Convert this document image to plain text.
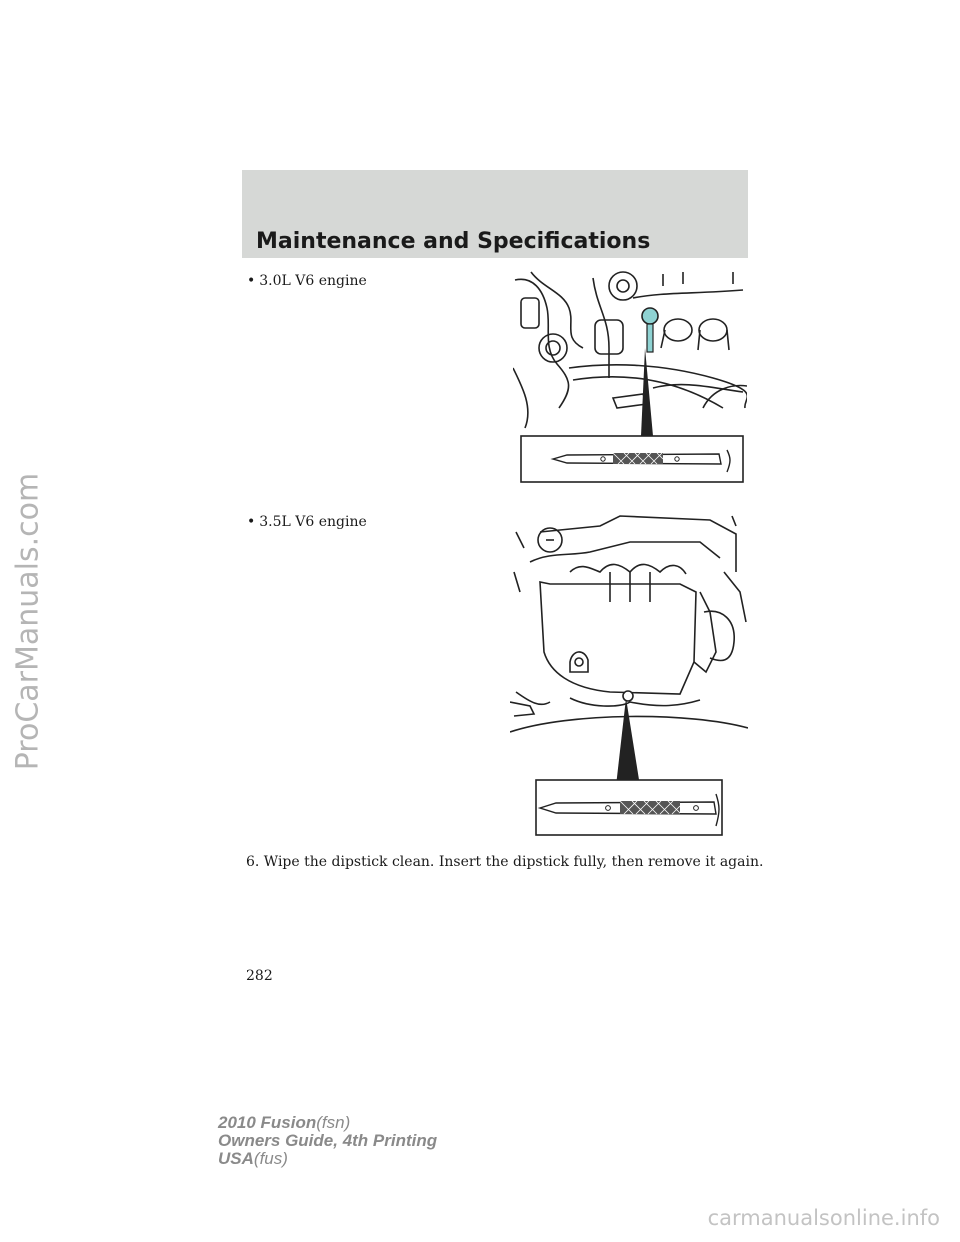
ProCarManuals.com
Maintenance and Specifications
• 3.0L V6 engine
• 3.5L V6 engine
6. Wipe the dipstick clean. Insert the dipstick fully, then remove it again.
282
2010 Fusion(fsn)
Owners Guide, 4th Printing
USA(fus)
carmanualsonline.info
